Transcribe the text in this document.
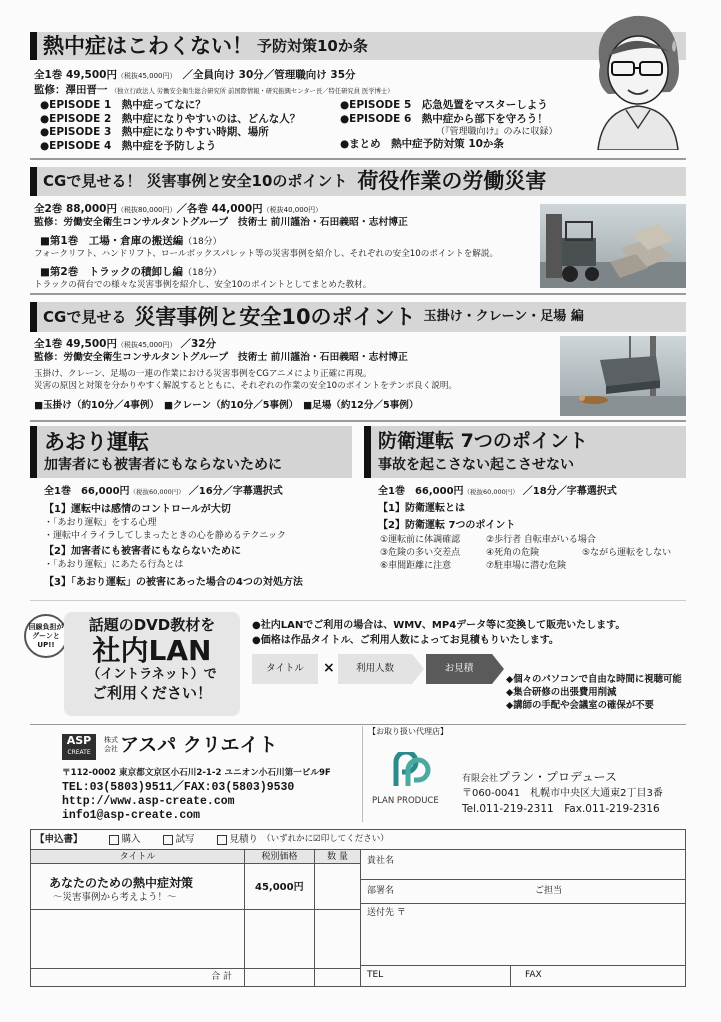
熱中症はこわくない！ 予防対策10か条
全1巻 49,500円（税抜45,000円） ／全員向け 30分／管理職向け 35分
監修：澤田晋一 （独立行政法人 労働安全衛生総合研究所 前国際情報・研究振興センター長／特任研究員 医学博士）
●EPISODE 1　熱中症ってなに？
●EPISODE 2　熱中症になりやすいのは、どんな人？
●EPISODE 3　熱中症になりやすい時期、場所
●EPISODE 4　熱中症を予防しよう
●EPISODE 5　応急処置をマスターしよう
●EPISODE 6　熱中症から部下を守ろう！
（『管理職向け』のみに収録）
●まとめ　熱中症予防対策 10か条
CGで見せる！ 災害事例と安全10のポイント 荷役作業の労働災害
全2巻 88,000円（税抜80,000円）／各巻 44,000円（税抜40,000円）
監修：労働安全衛生コンサルタントグループ　技術士 前川謹治・石田義昭・志村博正
■第1巻　工場・倉庫の搬送編（18分）
フォークリフト、ハンドリフト、ロールボックスパレット等の災害事例を紹介し、それぞれの安全10のポイントを解説。
■第2巻　トラックの積卸し編（18分）
トラックの荷台での様々な災害事例を紹介し、安全10のポイントとしてまとめた教材。
CGで見せる 災害事例と安全10のポイント 玉掛け・クレーン・足場 編
全1巻 49,500円（税抜45,000円） ／32分
監修：労働安全衛生コンサルタントグループ　技術士 前川謹治・石田義昭・志村博正
玉掛け、クレーン、足場の一連の作業における災害事例をCGアニメにより正確に再現。
災害の原因と対策を分かりやすく解説するとともに、それぞれの作業の安全10のポイントをテンポ良く説明。
■玉掛け（約10分／4事例）　■クレーン（約10分／5事例）　■足場（約12分／5事例）
あおり運転
加害者にも被害者にもならないために
防衛運転 7つのポイント
事故を起こさない起こさせない
全1巻　66,000円（税抜60,000円） ／16分／字幕選択式
【1】運転中は感情のコントロールが大切
・「あおり運転」をする心理
・運転中イライラしてしまったときの心を静めるテクニック
【2】加害者にも被害者にもならないために
・「あおり運転」にあたる行為とは
【3】「あおり運転」の被害にあった場合の4つの対処方法
全1巻　66,000円（税抜60,000円） ／18分／字幕選択式
【1】防衛運転とは
【2】防衛運転 7つのポイント
①運転前に体調確認	②歩行者 自転車がいる場合
③危険の多い交差点	④死角の危険	⑤ながら運転をしない
⑥車間距離に注意	⑦駐車場に潜む危険
回線負担が グーンと UP!!
話題のDVD教材を
社内LAN
（イントラネット）で
ご利用ください！
●社内LANでご利用の場合は、WMV、MP4データ等に変換して販売いたします。
●価格は作品タイトル、ご利用人数によってお見積もりいたします。
タイトル × 利用人数	お見積
◆個々のパソコンで自由な時間に視聴可能
◆集合研修の出張費用削減
◆講師の手配や会議室の確保が不要
ASP
CREATE
株式
会社 アスパ クリエイト
〒112-0002 東京都文京区小石川2-1-2 ユニオン小石川第一ビル9F
TEL:03(5803)9511／FAX:03(5803)9530
http://www.asp-create.com
info1@asp-create.com
【お取り扱い代理店】
PLAN PRODUCE
有限会社プラン・プロデュース
〒060-0041　札幌市中央区大通東2丁目3番
Tel.011-219-2311　Fax.011-219-2316
【申込書】	購入	試写	見積り （いずれかに☑印してください）
タイトル	税別価格	数 量
あなたのための熱中症対策
〜災害事例から考えよう！〜
45,000円
合 計
貴社名
部署名	ご担当
送付先 〒
TEL	FAX
